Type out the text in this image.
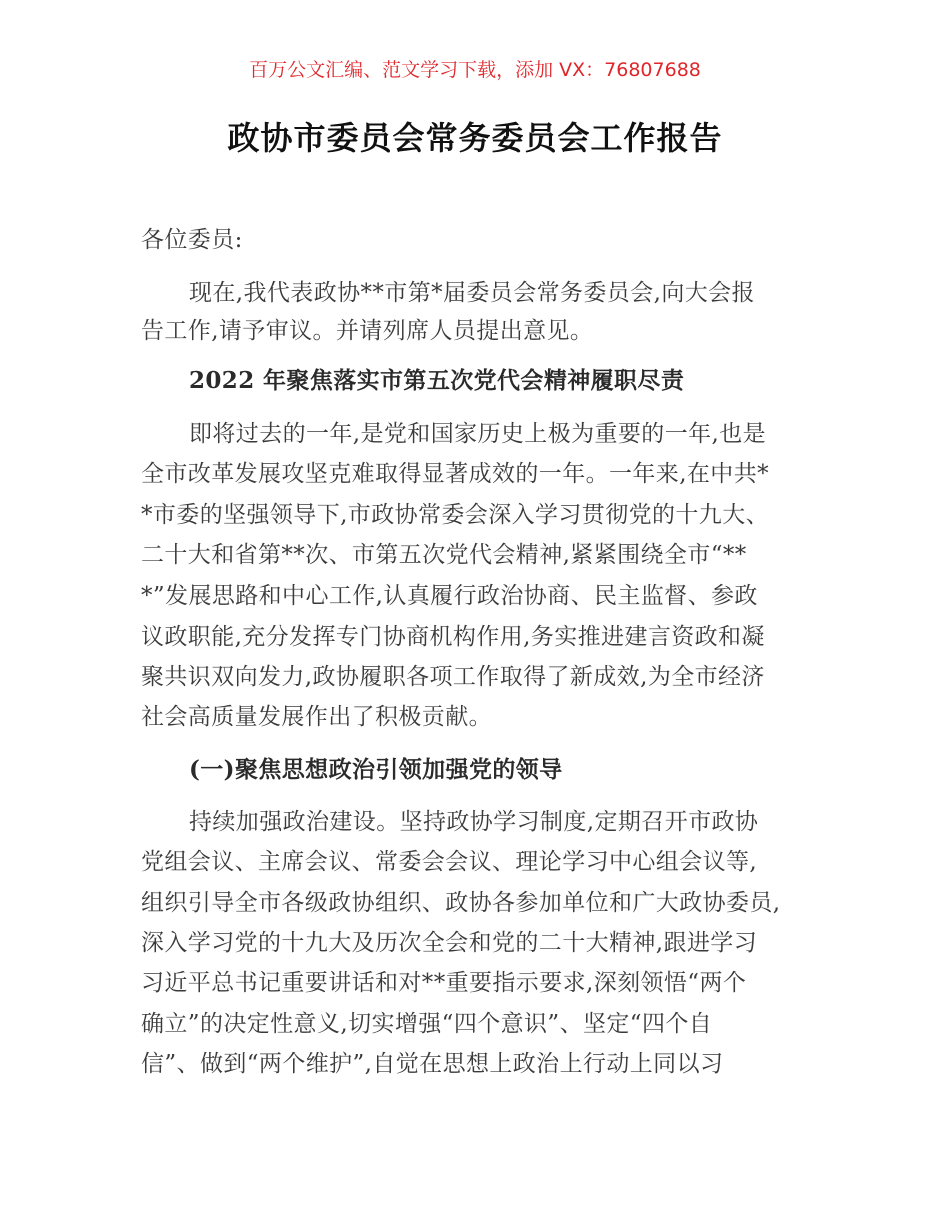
百万公文汇编、范文学习下载，添加 VX：76807688
政协市委员会常务委员会工作报告
各位委员:
现在,我代表政协**市第*届委员会常务委员会,向大会报
告工作,请予审议。并请列席人员提出意见。
2022 年聚焦落实市第五次党代会精神履职尽责
即将过去的一年,是党和国家历史上极为重要的一年,也是
全市改革发展攻坚克难取得显著成效的一年。一年来,在中共*
*市委的坚强领导下,市政协常委会深入学习贯彻党的十九大、
二十大和省第**次、市第五次党代会精神,紧紧围绕全市“**
*”发展思路和中心工作,认真履行政治协商、民主监督、参政
议政职能,充分发挥专门协商机构作用,务实推进建言资政和凝
聚共识双向发力,政协履职各项工作取得了新成效,为全市经济
社会高质量发展作出了积极贡献。
(一)聚焦思想政治引领加强党的领导
持续加强政治建设。坚持政协学习制度,定期召开市政协
党组会议、主席会议、常委会会议、理论学习中心组会议等,
组织引导全市各级政协组织、政协各参加单位和广大政协委员,
深入学习党的十九大及历次全会和党的二十大精神,跟进学习
习近平总书记重要讲话和对**重要指示要求,深刻领悟“两个
确立”的决定性意义,切实增强“四个意识”、坚定“四个自
信”、做到“两个维护”,自觉在思想上政治上行动上同以习
